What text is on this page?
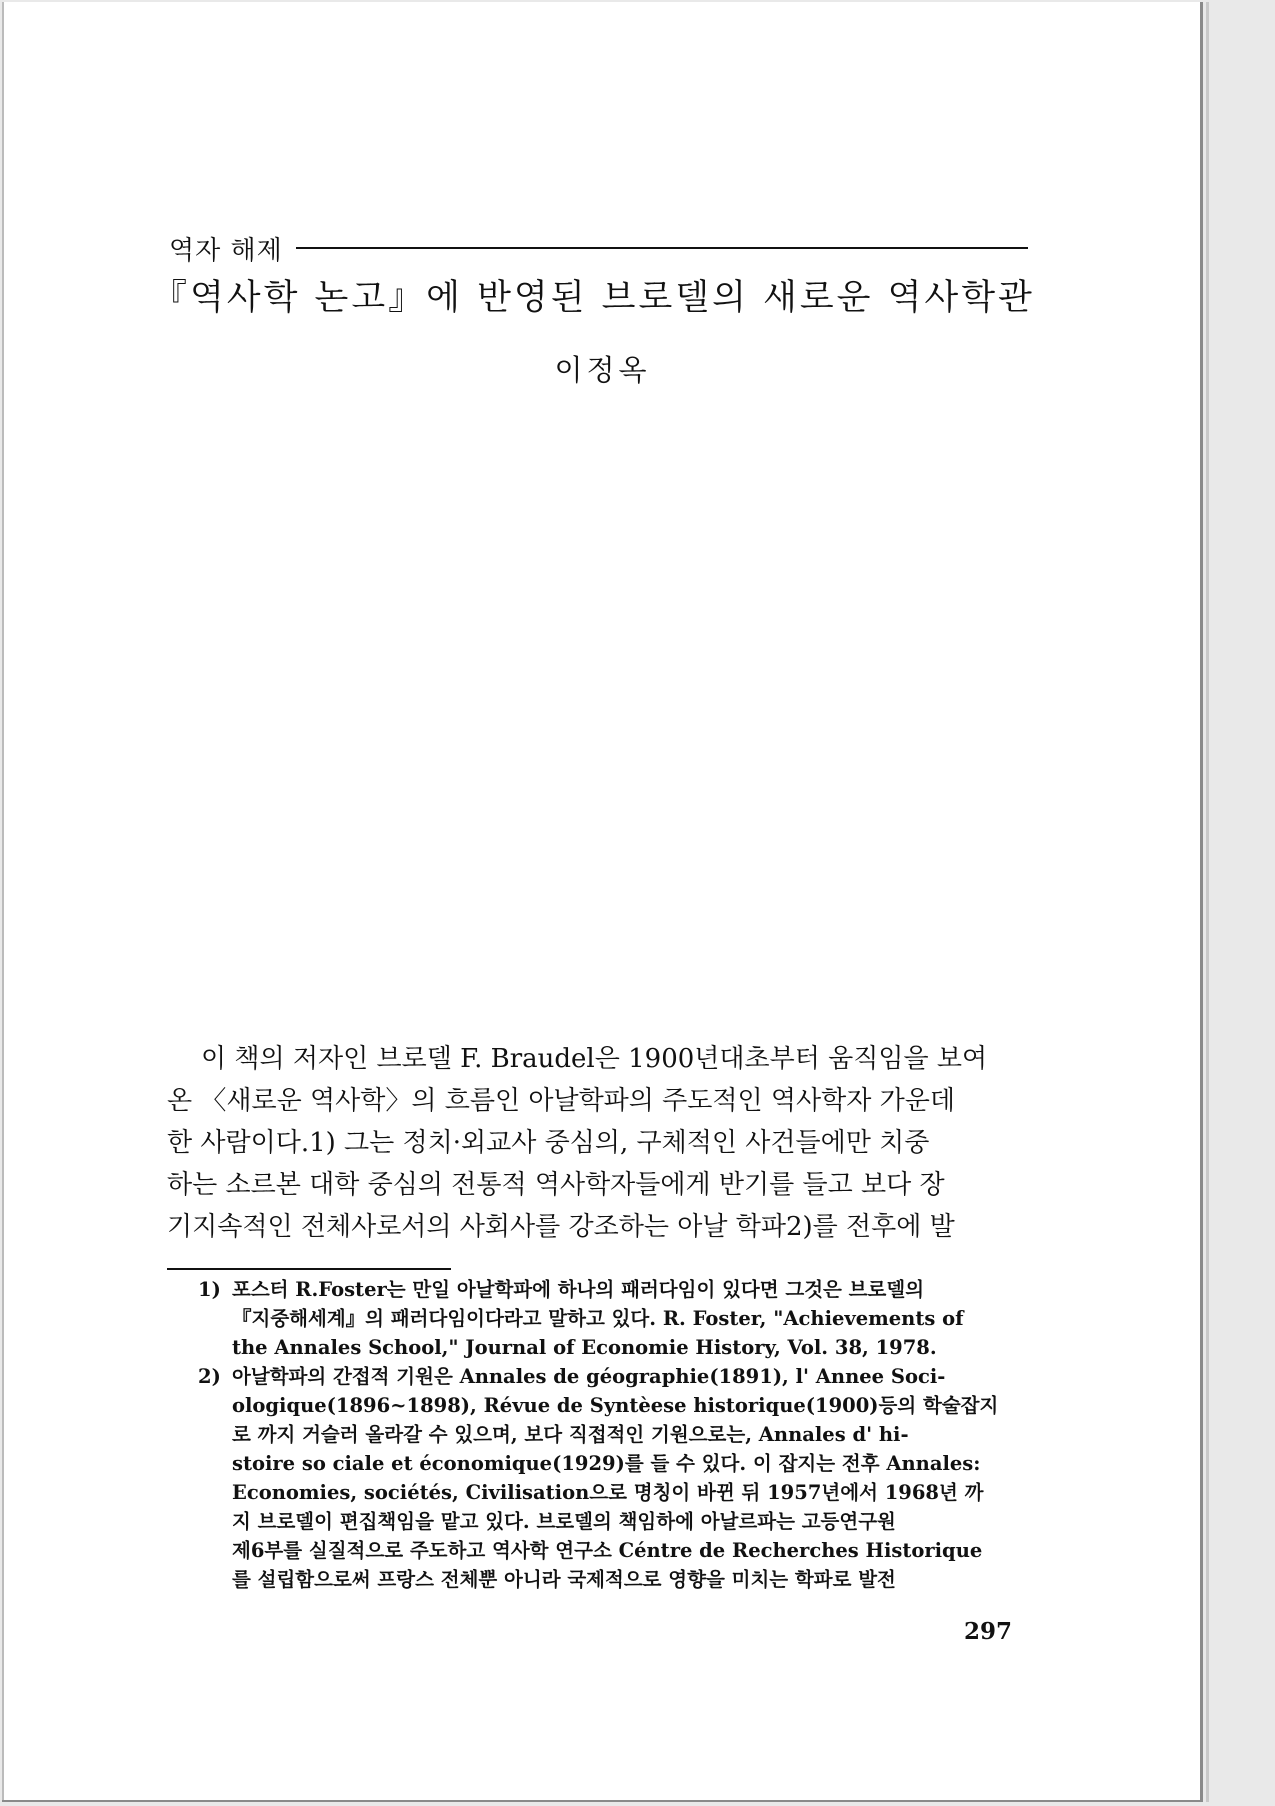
역자 해제
『역사학 논고』에 반영된 브로델의 새로운 역사학관
이정옥
이 책의 저자인 브로델 F. Braudel은 1900년대초부터 움직임을 보여
온 〈새로운 역사학〉의 흐름인 아날학파의 주도적인 역사학자 가운데
한 사람이다.1) 그는 정치·외교사 중심의, 구체적인 사건들에만 치중
하는 소르본 대학 중심의 전통적 역사학자들에게 반기를 들고 보다 장
기지속적인 전체사로서의 사회사를 강조하는 아날 학파2)를 전후에 발
1) 포스터 R.Foster는 만일 아날학파에 하나의 패러다임이 있다면 그것은 브로델의
『지중해세계』의 패러다임이다라고 말하고 있다. R. Foster, "Achievements of
the Annales School," Journal of Economie History, Vol. 38, 1978.
2) 아날학파의 간접적 기원은 Annales de géographie(1891), l' Annee Soci-
ologique(1896~1898), Révue de Syntèese historique(1900)등의 학술잡지
로 까지 거슬러 올라갈 수 있으며, 보다 직접적인 기원으로는, Annales d' hi-
stoire so ciale et économique(1929)를 들 수 있다. 이 잡지는 전후 Annales:
Economies, sociétés, Civilisation으로 명칭이 바뀐 뒤 1957년에서 1968년 까
지 브로델이 편집책임을 맡고 있다. 브로델의 책임하에 아날르파는 고등연구원
제6부를 실질적으로 주도하고 역사학 연구소 Céntre de Recherches Historique
를 설립함으로써 프랑스 전체뿐 아니라 국제적으로 영향을 미치는 학파로 발전
297
